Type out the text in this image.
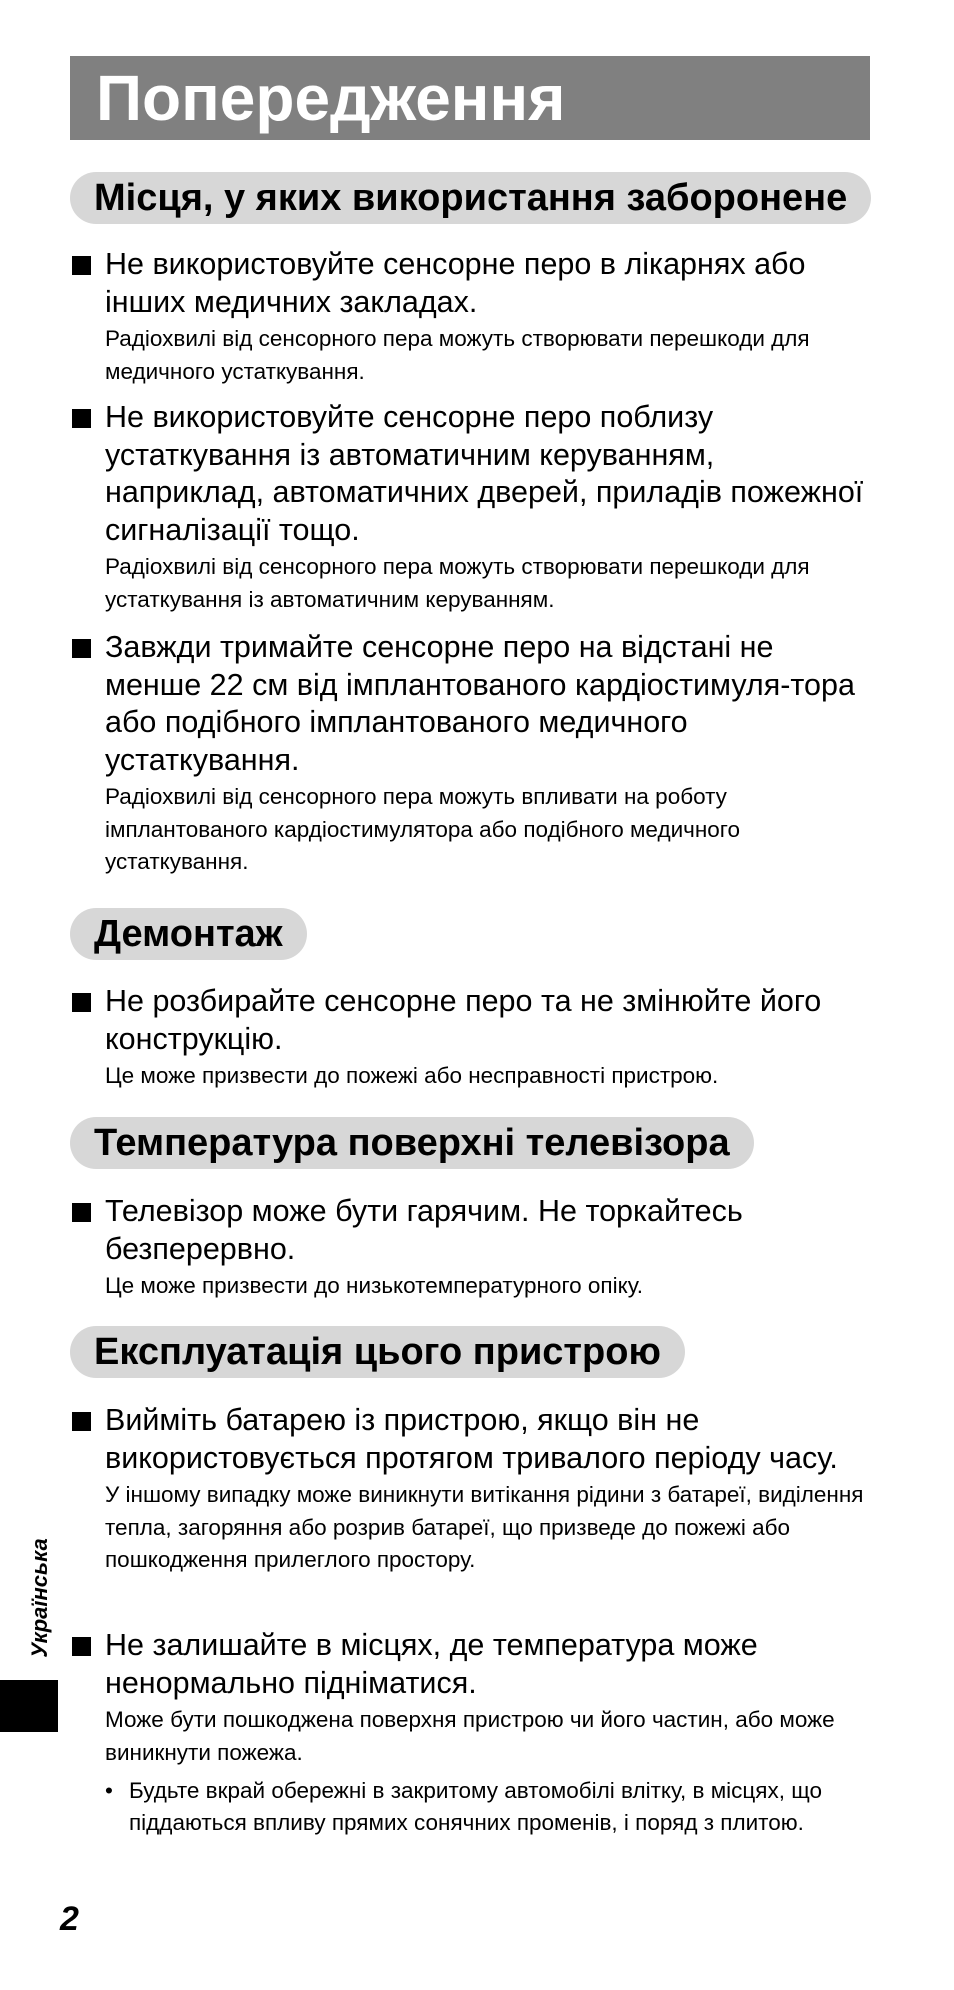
Попередження
Місця, у яких використання заборонене
Не використовуйте сенсорне перо в лікарнях або інших медичних закладах.
Радіохвилі від сенсорного пера можуть створювати перешкоди для медичного устаткування.
Не використовуйте сенсорне перо поблизу устаткування із автоматичним керуванням, наприклад, автоматичних дверей, приладів пожежної сигналізації тощо.
Радіохвилі від сенсорного пера можуть створювати перешкоди для устаткування із автоматичним керуванням.
Завжди тримайте сенсорне перо на відстані не менше 22 см від імплантованого кардіостимуля-тора або подібного імплантованого медичного устаткування.
Радіохвилі від сенсорного пера можуть впливати на роботу імплантованого кардіостимулятора або подібного медичного устаткування.
Демонтаж
Не розбирайте сенсорне перо та не змінюйте його конструкцію.
Це може призвести до пожежі або несправності пристрою.
Температура поверхні телевізора
Телевізор може бути гарячим. Не торкайтесь безперервно.
Це може призвести до низькотемпературного опіку.
Експлуатація цього пристрою
Вийміть батарею із пристрою, якщо він не використовується протягом тривалого періоду часу.
У іншому випадку може виникнути витікання рідини з батареї, виділення тепла, загоряння або розрив батареї, що призведе до пожежі або пошкодження прилеглого простору.
Не залишайте в місцях, де температура може ненормально підніматися.
Може бути пошкоджена поверхня пристрою чи його частин, або може виникнути пожежа.
• Будьте вкрай обережні в закритому автомобілі влітку, в місцях, що піддаються впливу прямих сонячних променів, і поряд з плитою.
Українська
2
